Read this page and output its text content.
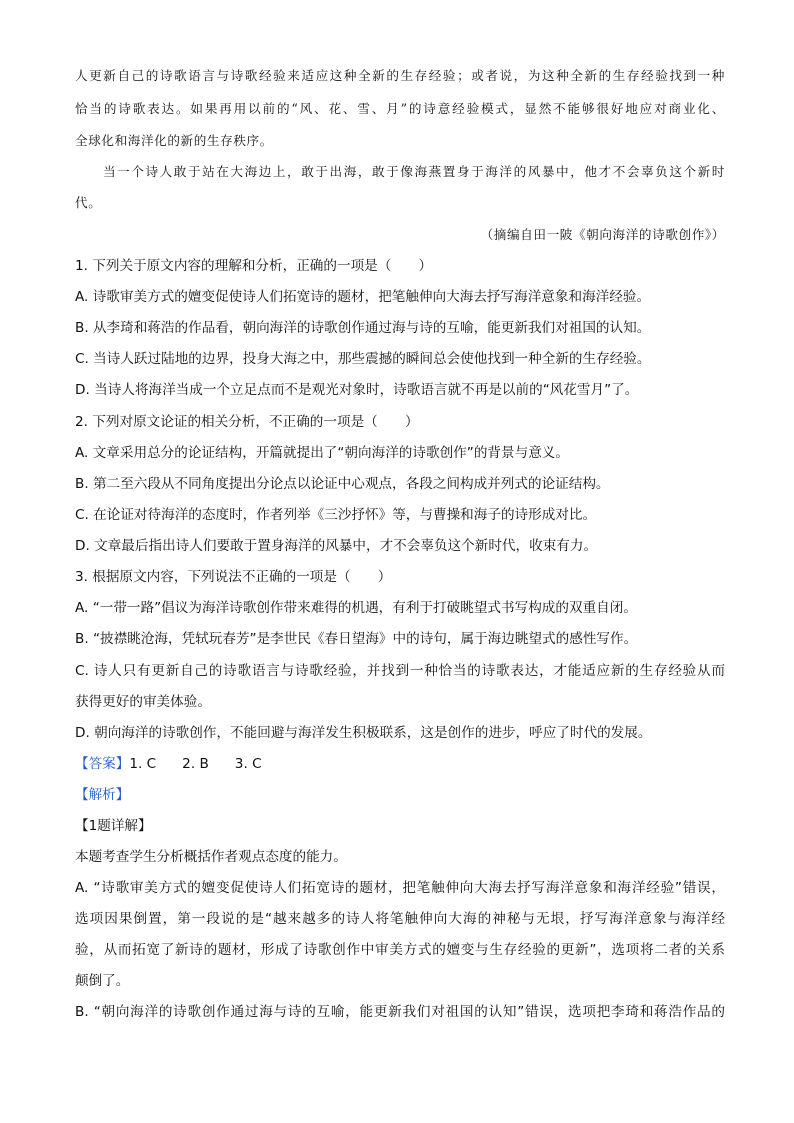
人更新自己的诗歌语言与诗歌经验来适应这种全新的生存经验；或者说，为这种全新的生存经验找到一种
恰当的诗歌表达。如果再用以前的“风、花、雪、月”的诗意经验模式，显然不能够很好地应对商业化、
全球化和海洋化的新的生存秩序。
当一个诗人敢于站在大海边上，敢于出海，敢于像海燕置身于海洋的风暴中，他才不会辜负这个新时
代。
（摘编自田一陂《朝向海洋的诗歌创作》）
1. 下列关于原文内容的理解和分析，正确的一项是（　　）
A. 诗歌审美方式的嬗变促使诗人们拓宽诗的题材，把笔触伸向大海去抒写海洋意象和海洋经验。
B. 从李琦和蒋浩的作品看，朝向海洋的诗歌创作通过海与诗的互喻，能更新我们对祖国的认知。
C. 当诗人跃过陆地的边界，投身大海之中，那些震撼的瞬间总会使他找到一种全新的生存经验。
D. 当诗人将海洋当成一个立足点而不是观光对象时，诗歌语言就不再是以前的“风花雪月”了。
2. 下列对原文论证的相关分析，不正确的一项是（　　）
A. 文章采用总分的论证结构，开篇就提出了“朝向海洋的诗歌创作”的背景与意义。
B. 第二至六段从不同角度提出分论点以论证中心观点，各段之间构成并列式的论证结构。
C. 在论证对待海洋的态度时，作者列举《三沙抒怀》等，与曹操和海子的诗形成对比。
D. 文章最后指出诗人们要敢于置身海洋的风暴中，才不会辜负这个新时代，收束有力。
3. 根据原文内容，下列说法不正确的一项是（　　）
A. “一带一路”倡议为海洋诗歌创作带来难得的机遇，有利于打破眺望式书写构成的双重自闭。
B. “披襟眺沧海，凭轼玩春芳”是李世民《春日望海》中的诗句，属于海边眺望式的感性写作。
C. 诗人只有更新自己的诗歌语言与诗歌经验，并找到一种恰当的诗歌表达，才能适应新的生存经验从而
获得更好的审美体验。
D. 朝向海洋的诗歌创作，不能回避与海洋发生积极联系，这是创作的进步，呼应了时代的发展。
【答案】1. C 2. B 3. C
【解析】
【1题详解】
本题考查学生分析概括作者观点态度的能力。
A. “诗歌审美方式的嬗变促使诗人们拓宽诗的题材，把笔触伸向大海去抒写海洋意象和海洋经验”错误，
选项因果倒置，第一段说的是“越来越多的诗人将笔触伸向大海的神秘与无垠，抒写海洋意象与海洋经
验，从而拓宽了新诗的题材，形成了诗歌创作中审美方式的嬗变与生存经验的更新”，选项将二者的关系
颠倒了。
B. “朝向海洋的诗歌创作通过海与诗的互喻，能更新我们对祖国的认知”错误，选项把李琦和蒋浩作品的
